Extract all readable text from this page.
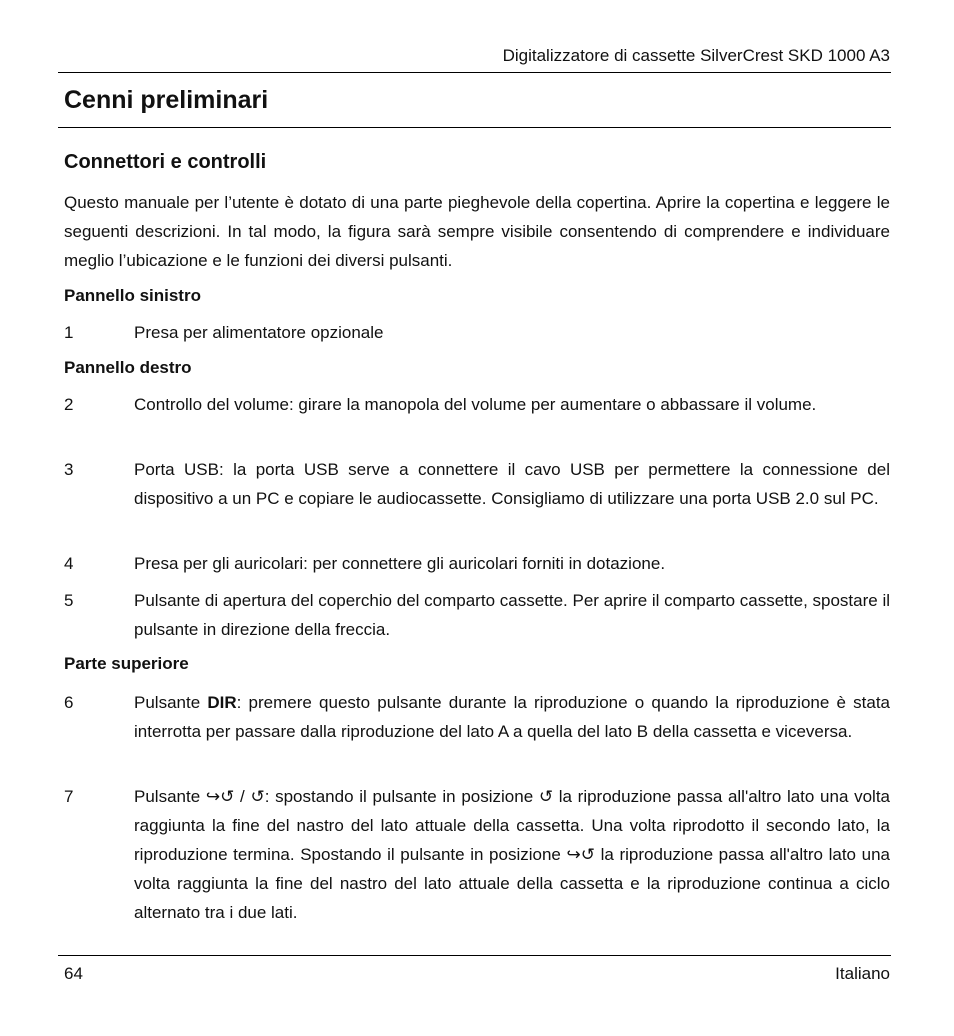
Digitalizzatore di cassette SilverCrest SKD 1000 A3
Cenni preliminari
Connettori e controlli
Questo manuale per l’utente è dotato di una parte pieghevole della copertina. Aprire la copertina e leggere le seguenti descrizioni. In tal modo, la figura sarà sempre visibile consentendo di comprendere e individuare meglio l’ubicazione e le funzioni dei diversi pulsanti.
Pannello sinistro
1	Presa per alimentatore opzionale
Pannello destro
2	Controllo del volume: girare la manopola del volume per aumentare o abbassare il volume.
3	Porta USB: la porta USB serve a connettere il cavo USB per permettere la connessione del dispositivo a un PC e copiare le audiocassette. Consigliamo di utilizzare una porta USB 2.0 sul PC.
4	Presa per gli auricolari: per connettere gli auricolari forniti in dotazione.
5	Pulsante di apertura del coperchio del comparto cassette. Per aprire il comparto cassette, spostare il pulsante in direzione della freccia.
Parte superiore
6	Pulsante DIR: premere questo pulsante durante la riproduzione o quando la riproduzione è stata interrotta per passare dalla riproduzione del lato A a quella del lato B della cassetta e viceversa.
7	Pulsante ↪↺ / ↺: spostando il pulsante in posizione ↺ la riproduzione passa all'altro lato una volta raggiunta la fine del nastro del lato attuale della cassetta. Una volta riprodotto il secondo lato, la riproduzione termina. Spostando il pulsante in posizione ↪↺ la riproduzione passa all'altro lato una volta raggiunta la fine del nastro del lato attuale della cassetta e la riproduzione continua a ciclo alternato tra i due lati.
64	Italiano
